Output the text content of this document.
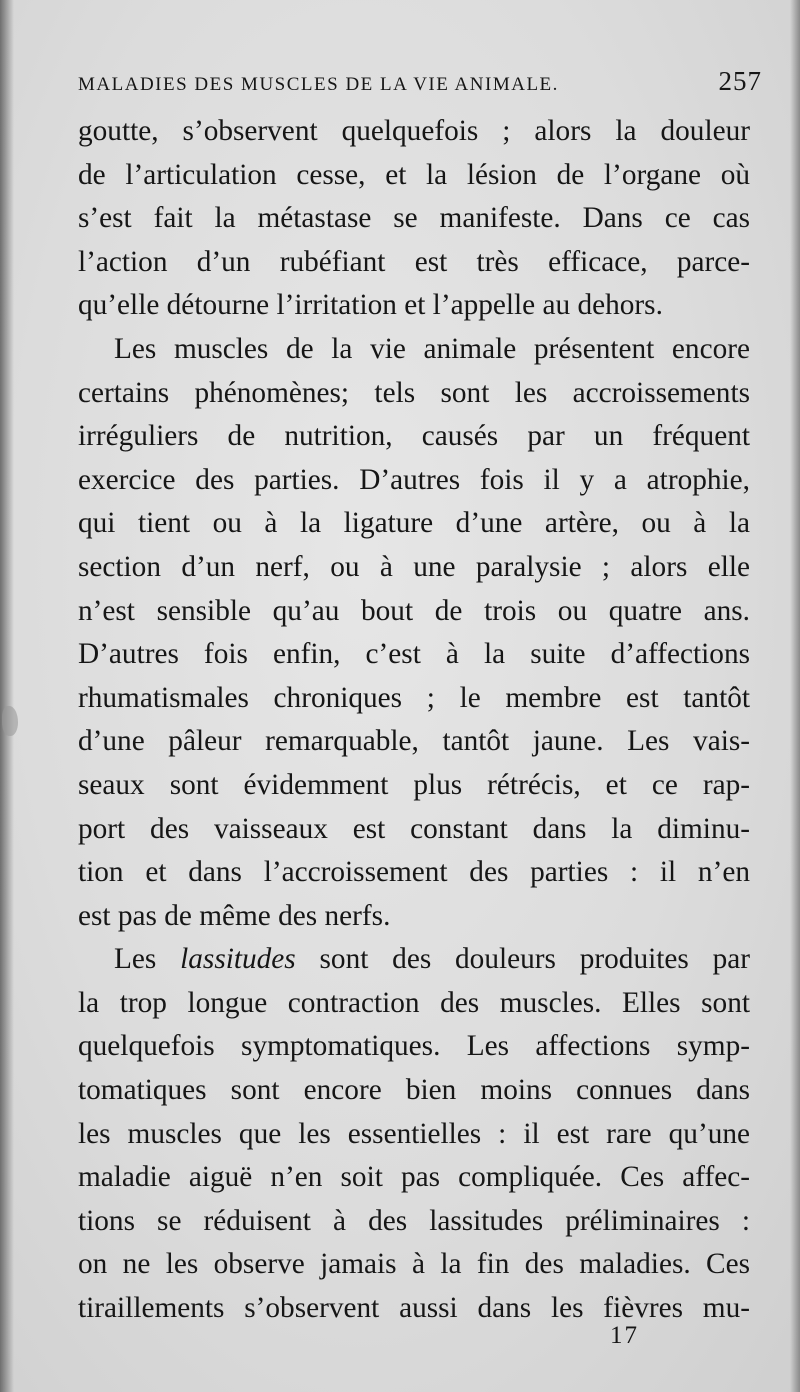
MALADIES DES MUSCLES DE LA VIE ANIMALE.	257
goutte, s’observent quelquefois ; alors la douleur
de l’articulation cesse, et la lésion de l’organe où
s’est fait la métastase se manifeste. Dans ce cas
l’action d’un rubéfiant est très efficace, parce-
qu’elle détourne l’irritation et l’appelle au dehors.
Les muscles de la vie animale présentent encore
certains phénomènes; tels sont les accroissements
irréguliers de nutrition, causés par un fréquent
exercice des parties. D’autres fois il y a atrophie,
qui tient ou à la ligature d’une artère, ou à la
section d’un nerf, ou à une paralysie ; alors elle
n’est sensible qu’au bout de trois ou quatre ans.
D’autres fois enfin, c’est à la suite d’affections
rhumatismales chroniques ; le membre est tantôt
d’une pâleur remarquable, tantôt jaune. Les vais-
seaux sont évidemment plus rétrécis, et ce rap-
port des vaisseaux est constant dans la diminu-
tion et dans l’accroissement des parties : il n’en
est pas de même des nerfs.
Les lassitudes sont des douleurs produites par
la trop longue contraction des muscles. Elles sont
quelquefois symptomatiques. Les affections symp-
tomatiques sont encore bien moins connues dans
les muscles que les essentielles : il est rare qu’une
maladie aiguë n’en soit pas compliquée. Ces affec-
tions se réduisent à des lassitudes préliminaires :
on ne les observe jamais à la fin des maladies. Ces
tiraillements s’observent aussi dans les fièvres mu-
17
